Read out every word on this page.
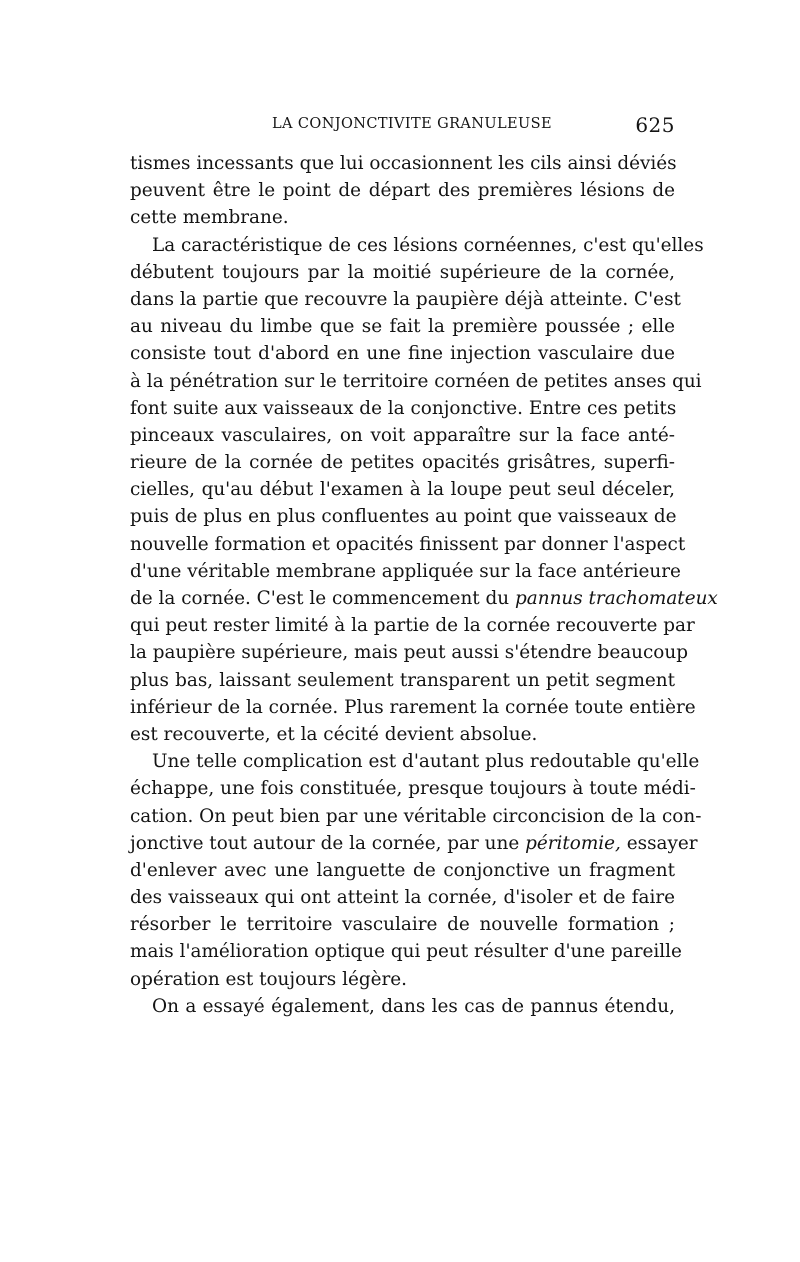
LA CONJONCTIVITE GRANULEUSE	625
tismes incessants que lui occasionnent les cils ainsi déviés
peuvent être le point de départ des premières lésions de
cette membrane.
La caractéristique de ces lésions cornéennes, c'est qu'elles
débutent toujours par la moitié supérieure de la cornée,
dans la partie que recouvre la paupière déjà atteinte. C'est
au niveau du limbe que se fait la première poussée ; elle
consiste tout d'abord en une fine injection vasculaire due
à la pénétration sur le territoire cornéen de petites anses qui
font suite aux vaisseaux de la conjonctive. Entre ces petits
pinceaux vasculaires, on voit apparaître sur la face anté-
rieure de la cornée de petites opacités grisâtres, superfi-
cielles, qu'au début l'examen à la loupe peut seul déceler,
puis de plus en plus confluentes au point que vaisseaux de
nouvelle formation et opacités finissent par donner l'aspect
d'une véritable membrane appliquée sur la face antérieure
de la cornée. C'est le commencement du pannus trachomateux
qui peut rester limité à la partie de la cornée recouverte par
la paupière supérieure, mais peut aussi s'étendre beaucoup
plus bas, laissant seulement transparent un petit segment
inférieur de la cornée. Plus rarement la cornée toute entière
est recouverte, et la cécité devient absolue.
Une telle complication est d'autant plus redoutable qu'elle
échappe, une fois constituée, presque toujours à toute médi-
cation. On peut bien par une véritable circoncision de la con-
jonctive tout autour de la cornée, par une péritomie, essayer
d'enlever avec une languette de conjonctive un fragment
des vaisseaux qui ont atteint la cornée, d'isoler et de faire
résorber le territoire vasculaire de nouvelle formation ;
mais l'amélioration optique qui peut résulter d'une pareille
opération est toujours légère.
On a essayé également, dans les cas de pannus étendu,
